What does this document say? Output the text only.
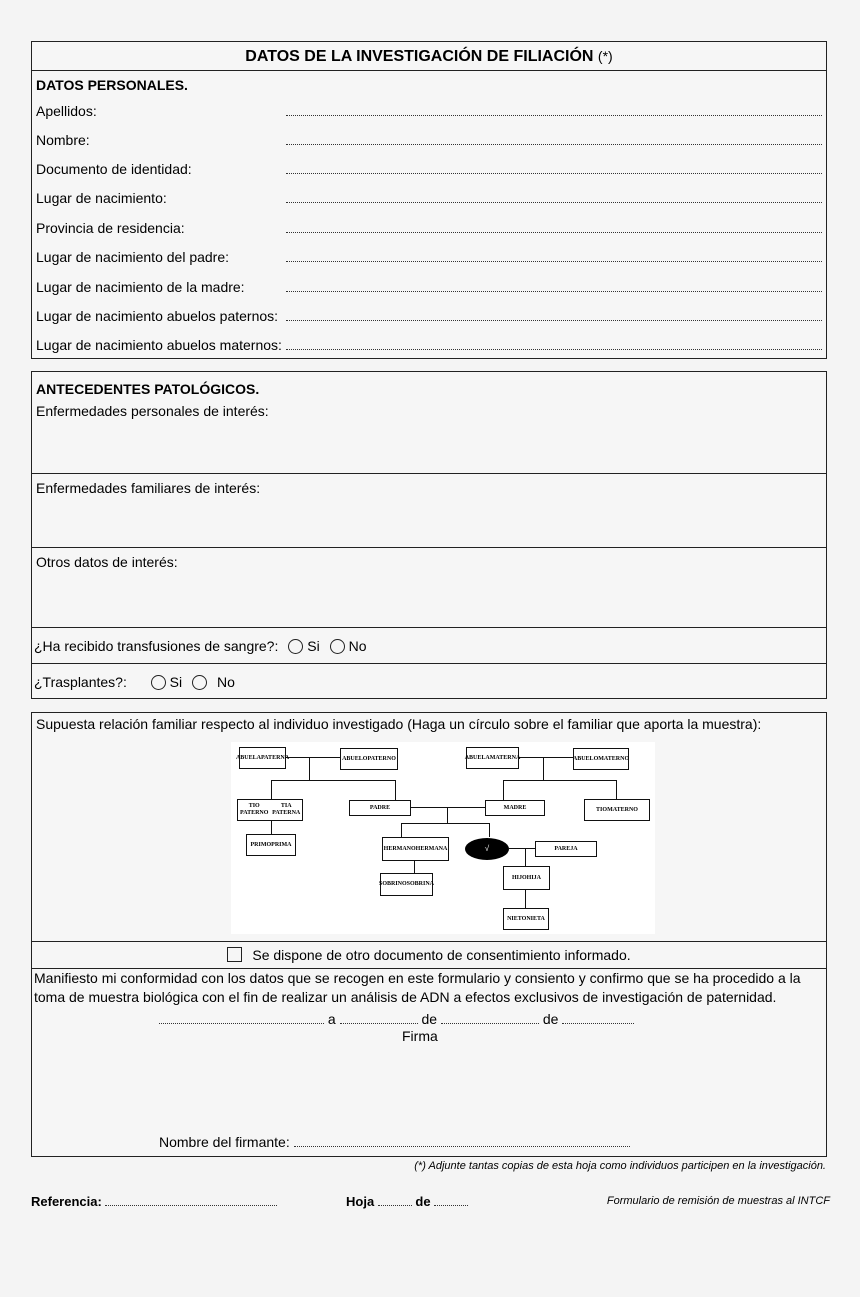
DATOS DE LA INVESTIGACIÓN DE FILIACIÓN (*)
DATOS PERSONALES.
Apellidos:
Nombre:
Documento de identidad:
Lugar de nacimiento:
Provincia de residencia:
Lugar de nacimiento del padre:
Lugar de nacimiento de la madre:
Lugar de nacimiento abuelos paternos:
Lugar de nacimiento abuelos maternos:
ANTECEDENTES PATOLÓGICOS.
Enfermedades personales de interés:
Enfermedades familiares de interés:
Otros datos de interés:
¿Ha recibido transfusiones de sangre?: Si No
¿Trasplantes?:	Si No
Supuesta relación familiar respecto al individuo investigado (Haga un círculo sobre el familiar que aporta la muestra):
ABUELA PATERNA	ABUELO PATERNO	ABUELA MATERNA	ABUELO MATERNO
TIO PATERNO

TIA PATERNA
PADRE	MADRE	TIO MATERNO
PRIMO PRIMA
HERMANO HERMANA	√	PAREJA
SOBRINO SOBRINA
HIJO HIJA
NIETO NIETA
Se dispone de otro documento de consentimiento informado.
Manifiesto mi conformidad con los datos que se recogen en este formulario y consiento y confirmo que se ha procedido a la toma de muestra biológica con el fin de realizar un análisis de ADN a efectos exclusivos de investigación de paternidad.
a	de	de
Firma
Nombre del firmante:
(*) Adjunte tantas copias de esta hoja como individuos participen en la investigación.
Referencia:	Hoja	de	Formulario de remisión de muestras al INTCF
